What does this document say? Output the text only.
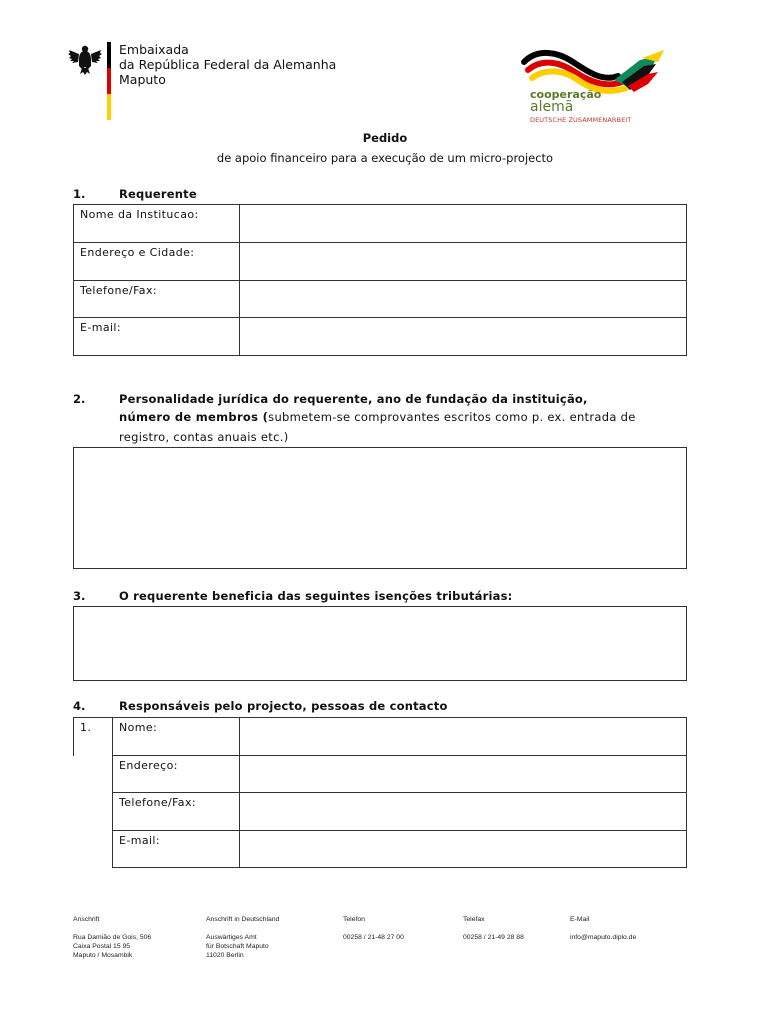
Embaixada
da República Federal da Alemanha
Maputo
cooperação
alemã
DEUTSCHE ZUSAMMENARBEIT
Pedido
de apoio financeiro para a execução de um micro-projecto
1.	Requerente
Nome da Institucao:	

Endereço e Cidade:	

Telefone/Fax:	

E-mail:	

2.	Personalidade jurídica do requerente, ano de fundação da instituição,
número de membros (submetem-se comprovantes escritos como p. ex. entrada de
registro, contas anuais etc.)
3.	O requerente beneficia das seguintes isenções tributárias:
4.	Responsáveis pelo projecto, pessoas de contacto
1.	Nome:	

	Endereço:	

	Telefone/Fax:	

	E-mail:	

Anschrift
Rua Damião de Gois, 506
Caixa Postal 15 95
Maputo / Mosambik
Anschrift in Deutschland
Auswärtiges Amt
für Botschaft Maputo
11020 Berlin
Telefon
00258 / 21-48 27 00
Telefax
00258 / 21-49 28 88
E-Mail
info@maputo.diplo.de
